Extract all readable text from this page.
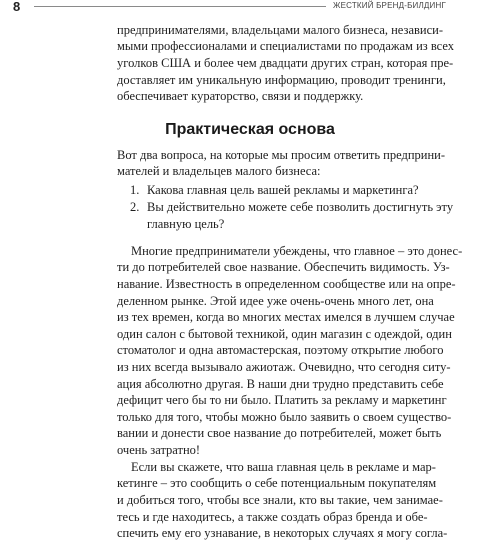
8	ЖЕСТКИЙ БРЕНД-БИЛДИНГ
предпринимателями, владельцами малого бизнеса, независи-
мыми профессионалами и специалистами по продажам из всех
уголков США и более чем двадцати других стран, которая пре-
доставляет им уникальную информацию, проводит тренинги,
обеспечивает кураторство, связи и поддержку.
Практическая основа
Вот два вопроса, на которые мы просим ответить предприни-
мателей и владельцев малого бизнеса:
1. Какова главная цель вашей рекламы и маркетинга?
2. Вы действительно можете себе позволить достигнуть эту
главную цель?
Многие предприниматели убеждены, что главное – это донес-
ти до потребителей свое название. Обеспечить видимость. Уз-
навание. Известность в определенном сообществе или на опре-
деленном рынке. Этой идее уже очень-очень много лет, она
из тех времен, когда во многих местах имелся в лучшем случае
один салон с бытовой техникой, один магазин с одеждой, один
стоматолог и одна автомастерская, поэтому открытие любого
из них всегда вызывало ажиотаж. Очевидно, что сегодня ситу-
ация абсолютно другая. В наши дни трудно представить себе
дефицит чего бы то ни было. Платить за рекламу и маркетинг
только для того, чтобы можно было заявить о своем существо-
вании и донести свое название до потребителей, может быть
очень затратно!
Если вы скажете, что ваша главная цель в рекламе и мар-
кетинге – это сообщить о себе потенциальным покупателям
и добиться того, чтобы все знали, кто вы такие, чем занимае-
тесь и где находитесь, а также создать образ бренда и обе-
спечить ему его узнавание, в некоторых случаях я могу согла-
